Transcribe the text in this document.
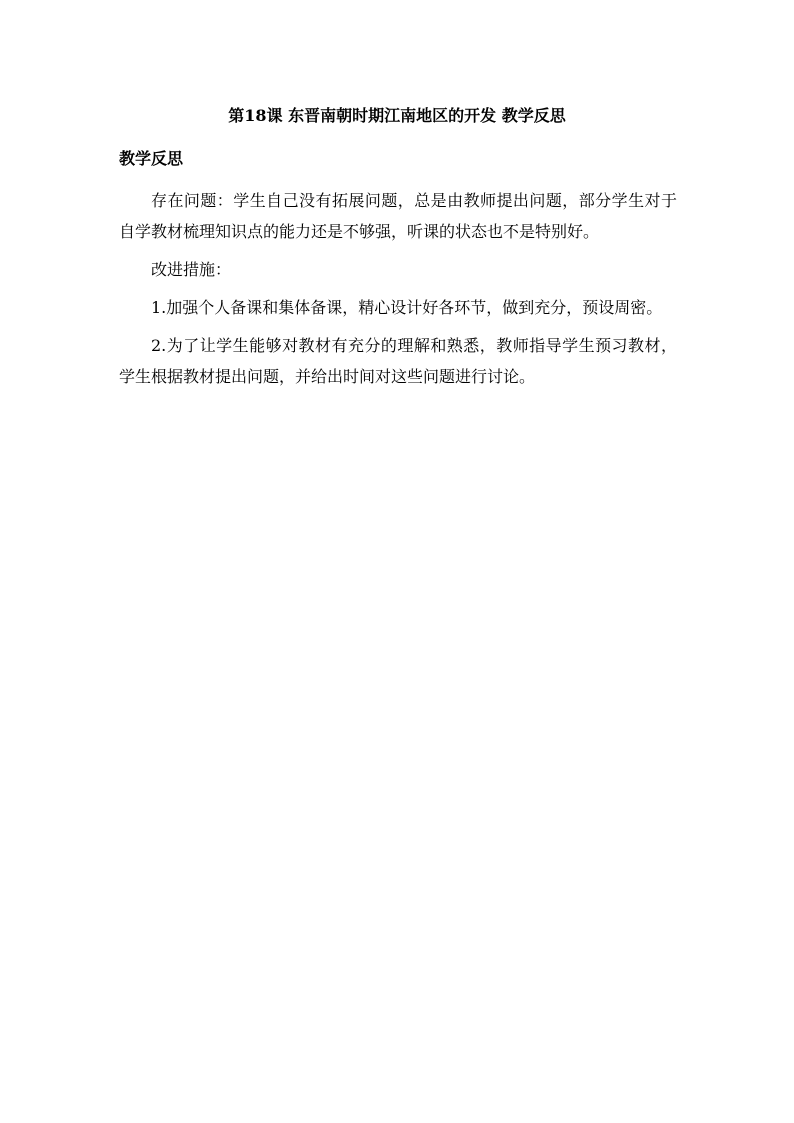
第18课 东晋南朝时期江南地区的开发 教学反思
教学反思

存在问题：学生自己没有拓展问题，总是由教师提出问题，部分学生对于自学教材梳理知识点的能力还是不够强，听课的状态也不是特别好。

改进措施：

1.加强个人备课和集体备课，精心设计好各环节，做到充分，预设周密。

2.为了让学生能够对教材有充分的理解和熟悉，教师指导学生预习教材，学生根据教材提出问题，并给出时间对这些问题进行讨论。
